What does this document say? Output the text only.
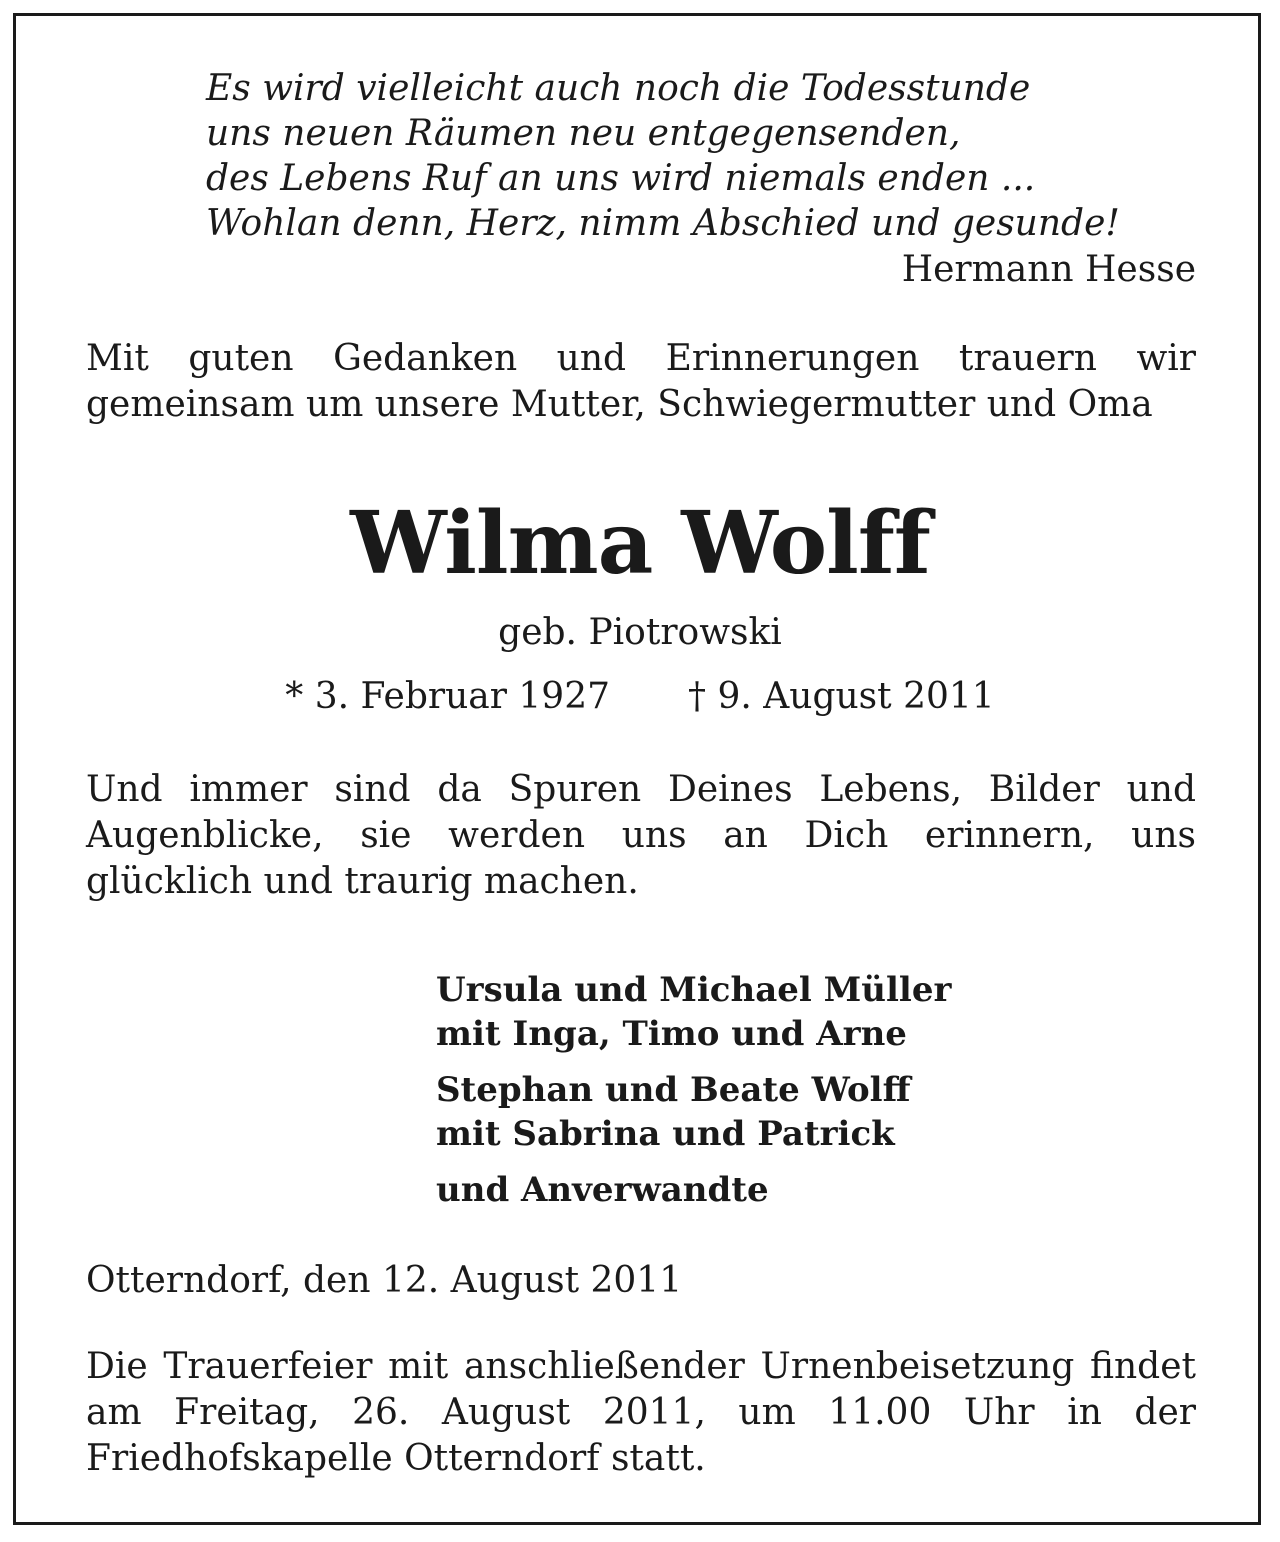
Es wird vielleicht auch noch die Todesstunde
uns neuen Räumen neu entgegensenden,
des Lebens Ruf an uns wird niemals enden ...
Wohlan denn, Herz, nimm Abschied und gesunde!
Hermann Hesse

Mit guten Gedanken und Erinnerungen trauern wir gemeinsam um unsere Mutter, Schwiegermutter und Oma

Wilma Wolff
geb. Piotrowski
* 3. Februar 1927 † 9. August 2011

Und immer sind da Spuren Deines Lebens, Bilder und Augenblicke, sie werden uns an Dich erinnern, uns glücklich und traurig machen.

Ursula und Michael Müller
mit Inga, Timo und Arne
Stephan und Beate Wolff
mit Sabrina und Patrick
und Anverwandte
Otterndorf, den 12. August 2011

Die Trauerfeier mit anschließender Urnenbeisetzung findet am Freitag, 26. August 2011, um 11.00 Uhr in der Friedhofskapelle Otterndorf statt.
